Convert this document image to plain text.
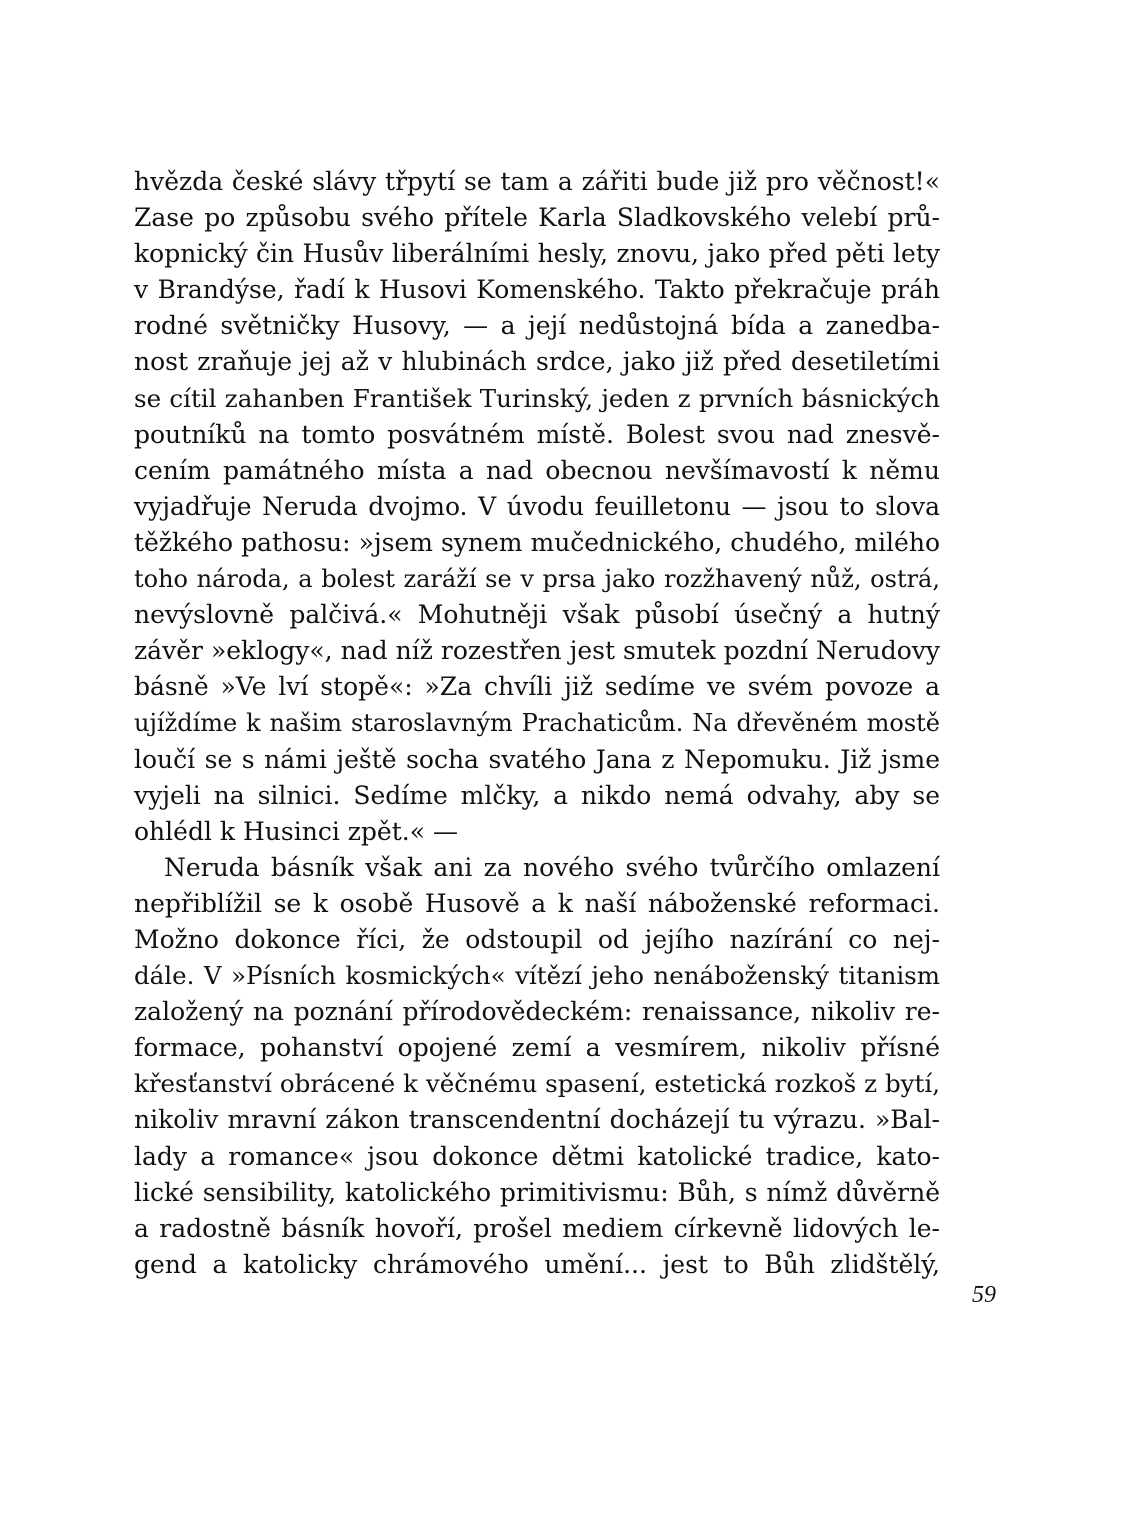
hvězda české slávy třpytí se tam a zářiti bude již pro věčnost!«
Zase po způsobu svého přítele Karla Sladkovského velebí prů-
kopnický čin Husův liberálními hesly, znovu, jako před pěti lety
v Brandýse, řadí k Husovi Komenského. Takto překračuje práh
rodné světničky Husovy, — a její nedůstojná bída a zanedba-
nost zraňuje jej až v hlubinách srdce, jako již před desetiletími
se cítil zahanben František Turinský, jeden z prvních básnických
poutníků na tomto posvátném místě. Bolest svou nad znesvě-
cením památného místa a nad obecnou nevšímavostí k němu
vyjadřuje Neruda dvojmo. V úvodu feuilletonu — jsou to slova
těžkého pathosu: »jsem synem mučednického, chudého, milého
toho národa, a bolest zaráží se v prsa jako rozžhavený nůž, ostrá,
nevýslovně palčivá.« Mohutněji však působí úsečný a hutný
závěr »eklogy«, nad níž rozestřen jest smutek pozdní Nerudovy
básně »Ve lví stopě«: »Za chvíli již sedíme ve svém povoze a
ujíždíme k našim staroslavným Prachaticům. Na dřevěném mostě
loučí se s námi ještě socha svatého Jana z Nepomuku. Již jsme
vyjeli na silnici. Sedíme mlčky, a nikdo nemá odvahy, aby se
ohlédl k Husinci zpět.« —
Neruda básník však ani za nového svého tvůrčího omlazení
nepřiblížil se k osobě Husově a k naší náboženské reformaci.
Možno dokonce říci, že odstoupil od jejího nazírání co nej-
dále. V »Písních kosmických« vítězí jeho nenáboženský titanism
založený na poznání přírodovědeckém: renaissance, nikoliv re-
formace, pohanství opojené zemí a vesmírem, nikoliv přísné
křesťanství obrácené k věčnému spasení, estetická rozkoš z bytí,
nikoliv mravní zákon transcendentní docházejí tu výrazu. »Bal-
lady a romance« jsou dokonce dětmi katolické tradice, kato-
lické sensibility, katolického primitivismu: Bůh, s nímž důvěrně
a radostně básník hovoří, prošel mediem církevně lidových le-
gend a katolicky chrámového umění... jest to Bůh zlidštělý,
59
